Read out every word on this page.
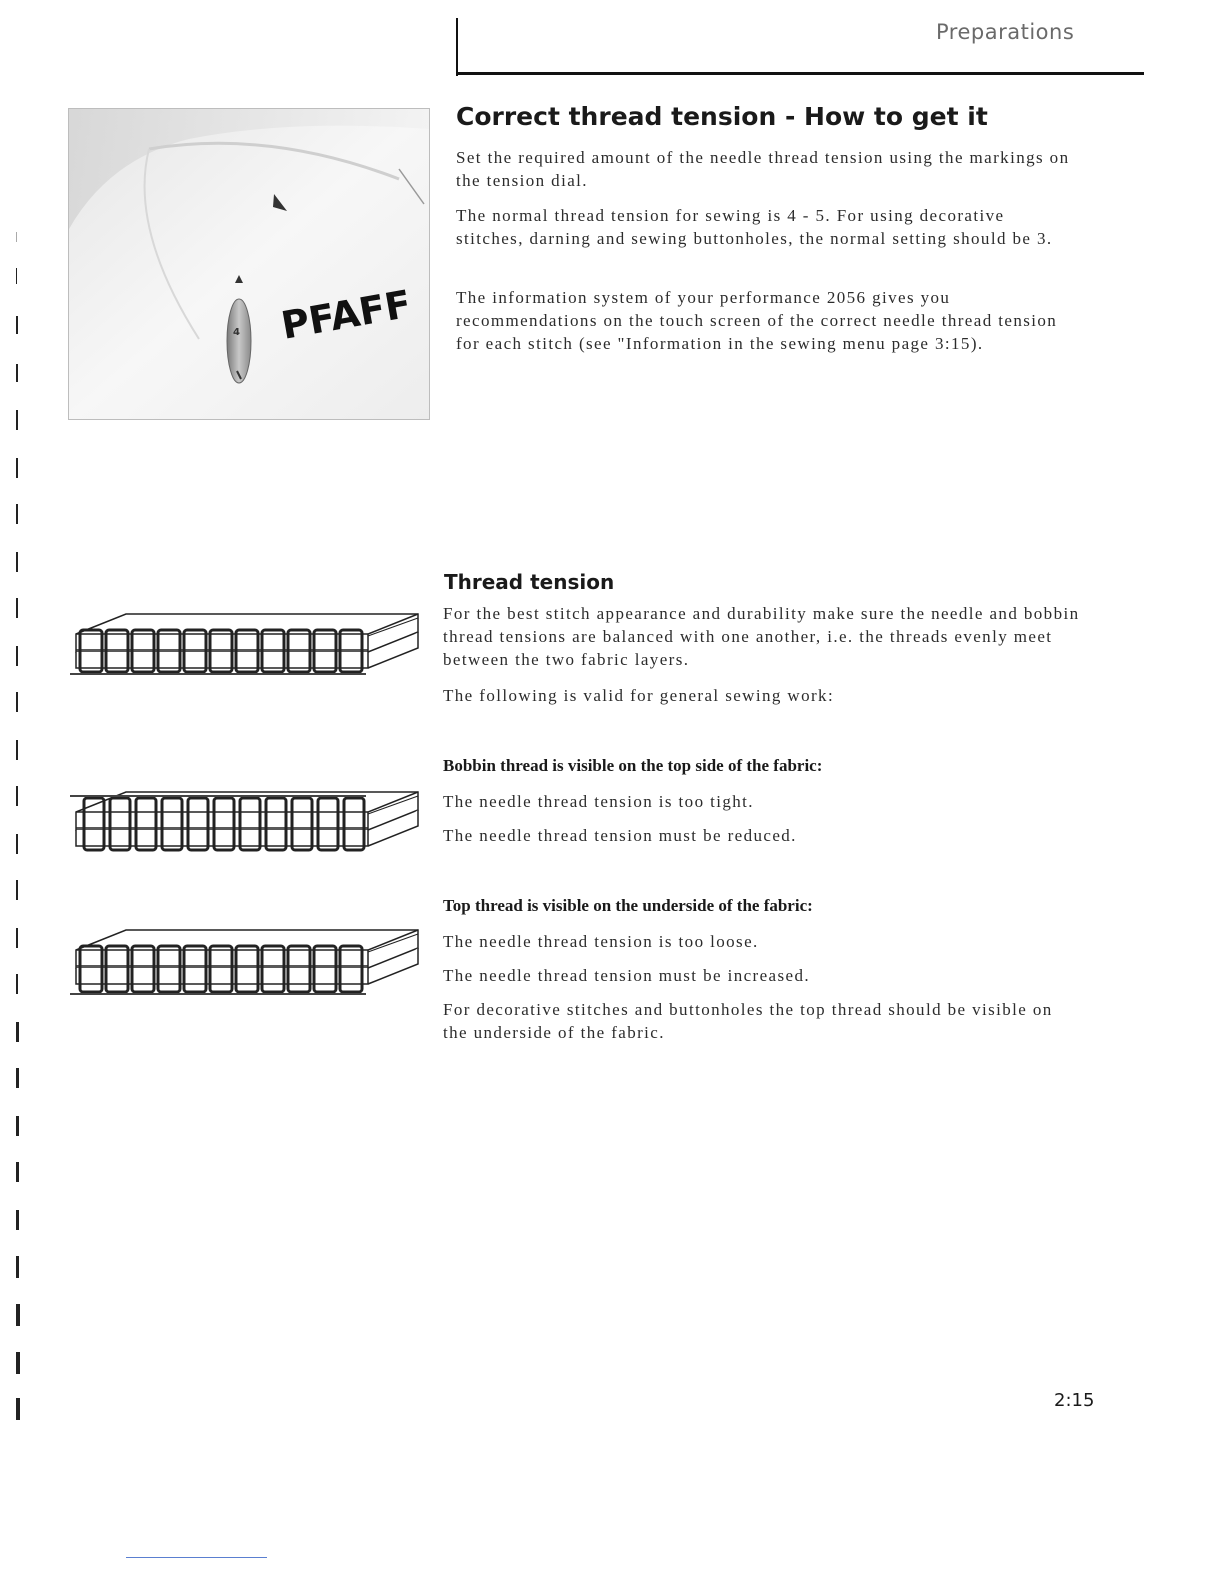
Preparations
4 PFAFF
Correct thread tension - How to get it

Set the required amount of the needle thread tension using the markings on the tension dial.

The normal thread tension for sewing is 4 - 5. For using decorative stitches, darning and sewing buttonholes, the normal setting should be 3.

The information system of your performance 2056 gives you recommendations on the touch screen of the correct needle thread tension for each stitch (see "Information in the sewing menu page 3:15).

Thread tension

For the best stitch appearance and durability make sure the needle and bobbin thread tensions are balanced with one another, i.e. the threads evenly meet between the two fabric layers.

The following is valid for general sewing work:

Bobbin thread is visible on the top side of the fabric:

The needle thread tension is too tight.

The needle thread tension must be reduced.

Top thread is visible on the underside of the fabric:

The needle thread tension is too loose.

The needle thread tension must be increased.

For decorative stitches and buttonholes the top thread should be visible on the underside of the fabric.

2:15
